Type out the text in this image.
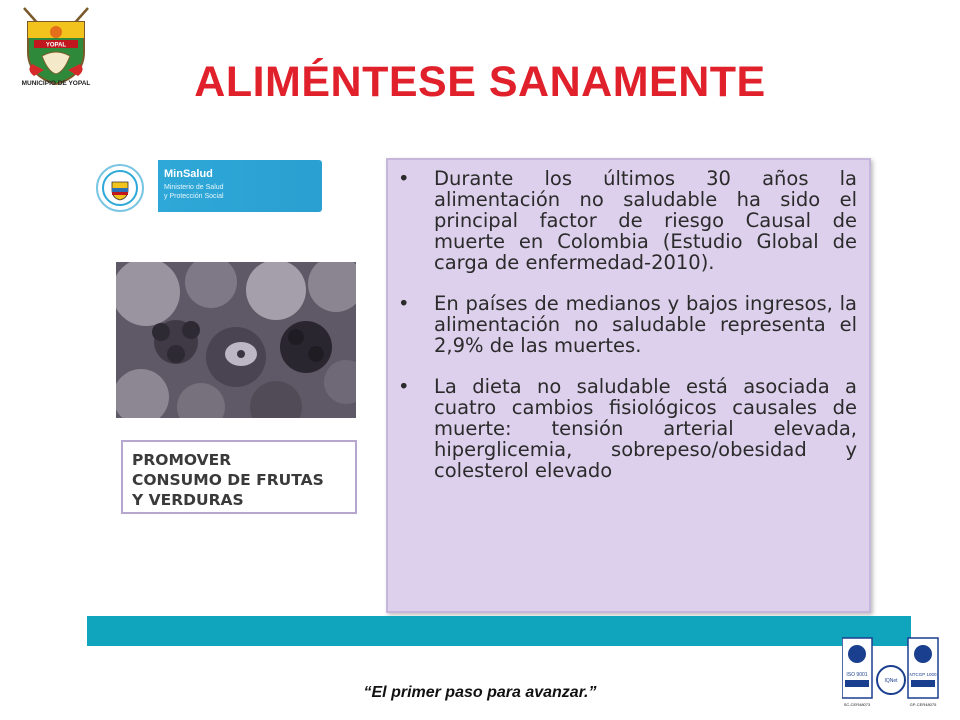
YOPAL
MUNICIPIO DE YOPAL	ALIMÉNTESE SANAMENTE
MinSalud
Ministerio de Salud
y Protección Social
PROMOVER
CONSUMO DE FRUTAS
Y VERDURAS
• Durante los últimos 30 años la alimentación no saludable ha sido el principal factor de riesgo Causal de muerte en Colombia (Estudio Global de carga de enfermedad-2010).
• En países de medianos y bajos ingresos, la alimentación no saludable representa el 2,9% de las muertes.
• La dieta no saludable está asociada a cuatro cambios fisiológicos causales de muerte: tensión arterial elevada, hiperglicemia, sobrepeso/obesidad y colesterol elevado
“El primer paso para avanzar.”
ISO 9001
SC-CER48073
IQNet
NTCGP 1000
GP-CER48075
